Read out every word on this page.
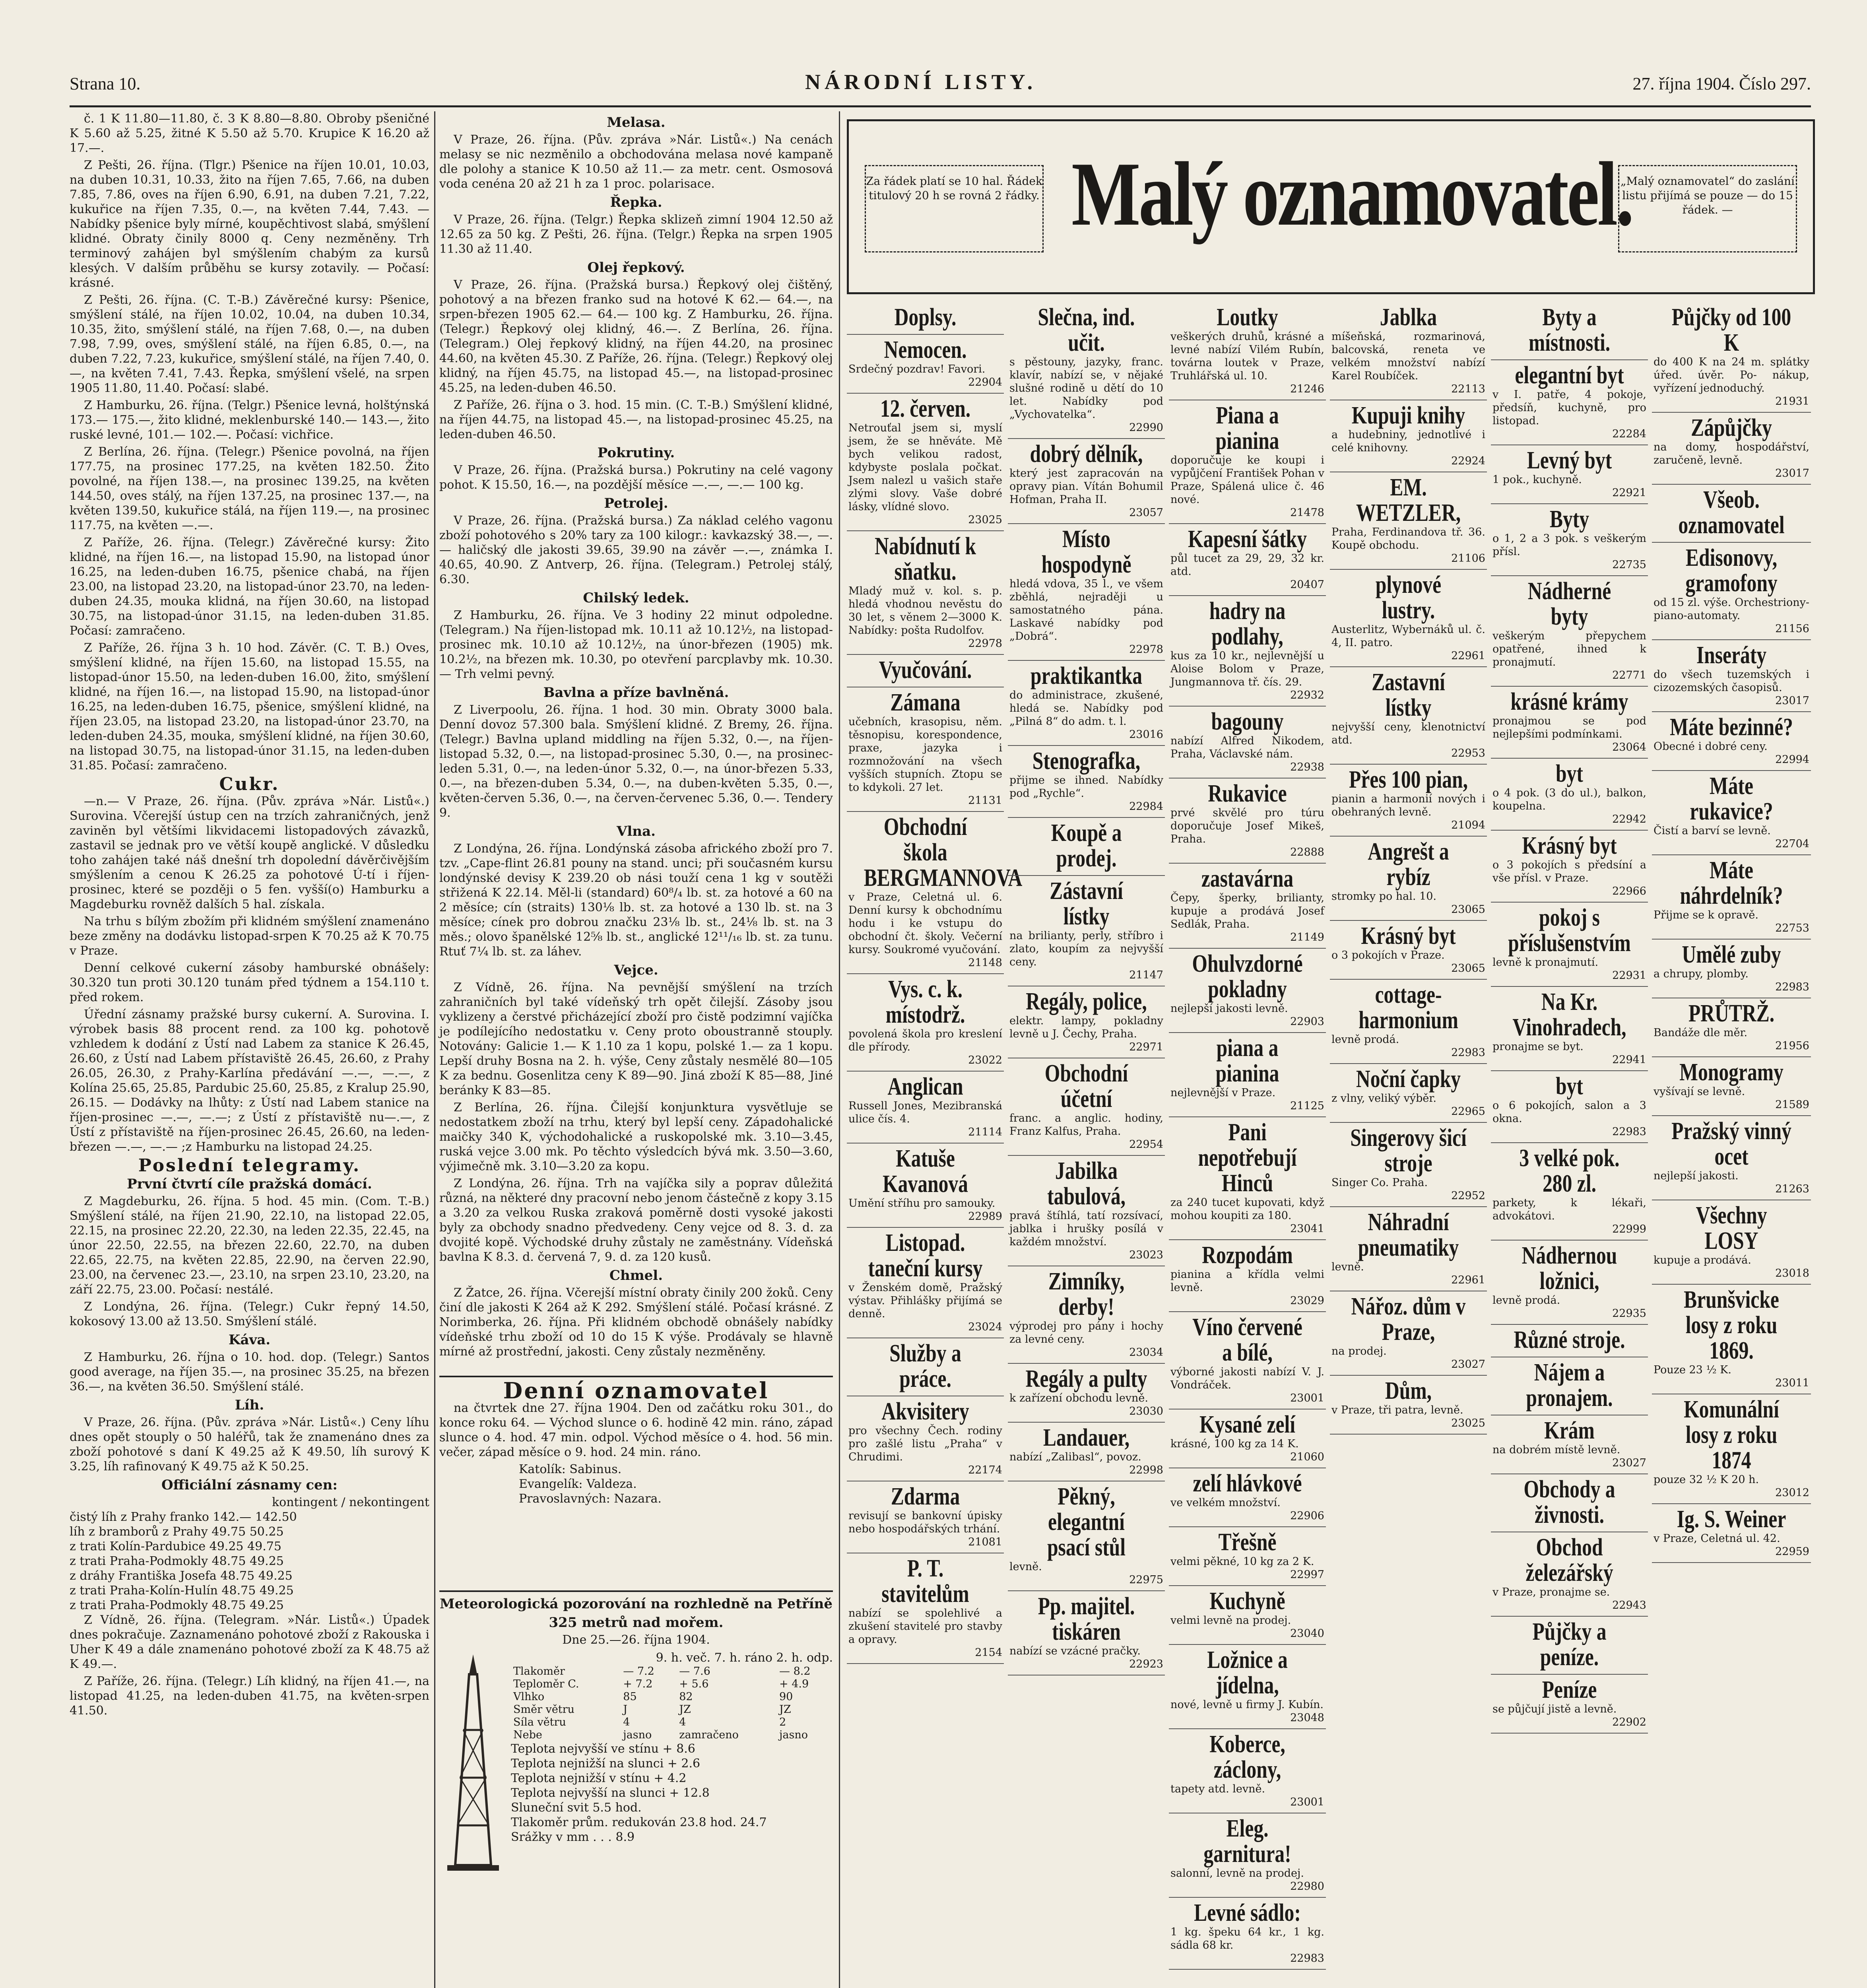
Strana 10.	NÁRODNÍ LISTY.	27. října 1904. Číslo 297.

č. 1 K 11.80—11.80, č. 3 K 8.80—8.80. Obroby pšeničné K 5.60 až 5.25, žitné K 5.50 až 5.70. Krupice K 16.20 až 17.—.

Z Pešti, 26. října. (Tlgr.) Pšenice na říjen 10.01, 10.03, na duben 10.31, 10.33, žito na říjen 7.65, 7.66, na duben 7.85, 7.86, oves na říjen 6.90, 6.91, na duben 7.21, 7.22, kukuřice na říjen 7.35, 0.—, na květen 7.44, 7.43. — Nabídky pšenice byly mírné, koupěchtivost slabá, smýšlení klidné. Obraty činily 8000 q. Ceny nezměněny. Trh terminový zahájen byl smýšlením chabým za kursů klesých. V dalším průběhu se kursy zotavily. — Počasí: krásné.

Z Pešti, 26. října. (C. T.-B.) Závěrečné kursy: Pšenice, smýšlení stálé, na říjen 10.02, 10.04, na duben 10.34, 10.35, žito, smýšlení stálé, na říjen 7.68, 0.—, na duben 7.98, 7.99, oves, smýšlení stálé, na říjen 6.85, 0.—, na duben 7.22, 7.23, kukuřice, smýšlení stálé, na říjen 7.40, 0.—, na květen 7.41, 7.43. Řepka, smýšlení všelé, na srpen 1905 11.80, 11.40. Počasí: slabé.

Z Hamburku, 26. října. (Telgr.) Pšenice levná, holštýnská 173.— 175.—, žito klidné, meklenburské 140.— 143.—, žito ruské levné, 101.— 102.—. Počasí: vichřice.

Z Berlína, 26. října. (Telegr.) Pšenice povolná, na říjen 177.75, na prosinec 177.25, na květen 182.50. Žito povolné, na říjen 138.—, na prosinec 139.25, na květen 144.50, oves stálý, na říjen 137.25, na prosinec 137.—, na květen 139.50, kukuřice stálá, na říjen 119.—, na prosinec 117.75, na květen —.—.

Z Paříže, 26. října. (Telegr.) Závěrečné kursy: Žito klidné, na říjen 16.—, na listopad 15.90, na listopad únor 16.25, na leden-duben 16.75, pšenice chabá, na říjen 23.00, na listopad 23.20, na listopad-únor 23.70, na leden-duben 24.35, mouka klidná, na říjen 30.60, na listopad 30.75, na listopad-únor 31.15, na leden-duben 31.85. Počasí: zamračeno.

Z Paříže, 26. října 3 h. 10 hod. Závěr. (C. T. B.) Oves, smýšlení klidné, na říjen 15.60, na listopad 15.55, na listopad-únor 15.50, na leden-duben 16.00, žito, smýšlení klidné, na říjen 16.—, na listopad 15.90, na listopad-únor 16.25, na leden-duben 16.75, pšenice, smýšlení klidné, na říjen 23.05, na listopad 23.20, na listopad-únor 23.70, na leden-duben 24.35, mouka, smýšlení klidné, na říjen 30.60, na listopad 30.75, na listopad-únor 31.15, na leden-duben 31.85. Počasí: zamračeno.

Cukr.

—n.— V Praze, 26. října. (Pův. zpráva »Nár. Listů«.) Surovina. Včerejší ústup cen na trzích zahraničných, jenž zaviněn byl většími likvidacemi listopadových závazků, zastavil se jednak pro ve větší koupě anglické. V důsledku toho zahájen také náš dnešní trh dopolední dávěrčivějším smýšlením a cenou K 26.25 za pohotové Ú-tí i říjen-prosinec, které se později o 5 fen. vyšší(o) Hamburku a Magdeburku rovněž dalších 5 hal. získala.

Na trhu s bílým zbožím při klidném smýšlení znamenáno beze změny na dodávku listopad-srpen K 70.25 až K 70.75 v Praze.

Denní celkové cukerní zásoby hamburské obnášely: 30.320 tun proti 30.120 tunám před týdnem a 154.110 t. před rokem.

Úřední zásnamy pražské bursy cukerní. A. Surovina. I. výrobek basis 88 procent rend. za 100 kg. pohotově vzhledem k dodání z Ústí nad Labem za stanice K 26.45, 26.60, z Ústí nad Labem přístaviště 26.45, 26.60, z Prahy 26.05, 26.30, z Prahy-Karlína předávání —.—, —.—, z Kolína 25.65, 25.85, Pardubic 25.60, 25.85, z Kralup 25.90, 26.15. — Dodávky na lhůty: z Ústí nad Labem stanice na říjen-prosinec —.—, —.—; z Ústí z přístaviště nu—.—, z Ústí z přístaviště na říjen-prosinec 26.45, 26.60, na leden-březen —.—, —.— ;z Hamburku na listopad 24.25.

Poslední telegramy.
První čtvrtí cíle pražská domácí.

Z Magdeburku, 26. října. 5 hod. 45 min. (Com. T.-B.) Smýšlení stálé, na říjen 21.90, 22.10, na listopad 22.05, 22.15, na prosinec 22.20, 22.30, na leden 22.35, 22.45, na únor 22.50, 22.55, na březen 22.60, 22.70, na duben 22.65, 22.75, na květen 22.85, 22.90, na červen 22.90, 23.00, na červenec 23.—, 23.10, na srpen 23.10, 23.20, na září 22.75, 23.00. Počasí: nestálé.

Z Londýna, 26. října. (Telegr.) Cukr řepný 14.50, kokosový 13.00 až 13.50. Smýšlení stálé.

Káva.

Z Hamburku, 26. října o 10. hod. dop. (Telegr.) Santos good average, na říjen 35.—, na prosinec 35.25, na březen 36.—, na květen 36.50. Smýšlení stálé.

Líh.

V Praze, 26. října. (Pův. zpráva »Nár. Listů«.) Ceny líhu dnes opět stouply o 50 haléřů, tak že znamenáno dnes za zboží pohotové s daní K 49.25 až K 49.50, líh surový K 3.25, líh rafinovaný K 49.75 až K 50.25.

Officiální zásnamy cen:
kontingent / nekontingent
čistý líh z Prahy franko 142.— 142.50
líh z bramborů z Prahy 49.75 50.25
z trati Kolín-Pardubice 49.25 49.75
z trati Praha-Podmokly 48.75 49.25
z dráhy Františka Josefa 48.75 49.25
z trati Praha-Kolín-Hulín 48.75 49.25
z trati Praha-Podmokly 48.75 49.25

Z Vídně, 26. října. (Telegram. »Nár. Listů«.) Úpadek dnes pokračuje. Zaznamenáno pohotové zboží z Rakouska i Uher K 49 a dále znamenáno pohotové zboží za K 48.75 až K 49.—.

Z Paříže, 26. října. (Telegr.) Líh klidný, na říjen 41.—, na listopad 41.25, na leden-duben 41.75, na květen-srpen 41.50.

Melasa.

V Praze, 26. října. (Pův. zpráva »Nár. Listů«.) Na cenách melasy se nic nezměnilo a obchodována melasa nové kampaně dle polohy a stanice K 10.50 až 11.— za metr. cent. Osmosová voda cenéna 20 až 21 h za 1 proc. polarisace.

Řepka.

V Praze, 26. října. (Telgr.) Řepka sklizeň zimní 1904 12.50 až 12.65 za 50 kg. Z Pešti, 26. října. (Telgr.) Řepka na srpen 1905 11.30 až 11.40.

Olej řepkový.

V Praze, 26. října. (Pražská bursa.) Řepkový olej čištěný, pohotový a na březen franko sud na hotové K 62.— 64.—, na srpen-březen 1905 62.— 64.— 100 kg. Z Hamburku, 26. října. (Telegr.) Řepkový olej klidný, 46.—. Z Berlína, 26. října. (Telegram.) Olej řepkový klidný, na říjen 44.20, na prosinec 44.60, na květen 45.30. Z Paříže, 26. října. (Telegr.) Řepkový olej klidný, na říjen 45.75, na listopad 45.—, na listopad-prosinec 45.25, na leden-duben 46.50.

Z Paříže, 26. října o 3. hod. 15 min. (C. T.-B.) Smýšlení klidné, na říjen 44.75, na listopad 45.—, na listopad-prosinec 45.25, na leden-duben 46.50.

Pokrutiny.

V Praze, 26. října. (Pražská bursa.) Pokrutiny na celé vagony pohot. K 15.50, 16.—, na pozdější měsíce —.—, —.— 100 kg.

Petrolej.

V Praze, 26. října. (Pražská bursa.) Za náklad celého vagonu zboží pohotového s 20% tary za 100 kilogr.: kavkazský 38.—, —.— haličský dle jakosti 39.65, 39.90 na závěr —.—, známka I. 40.65, 40.90. Z Antverp, 26. října. (Telegram.) Petrolej stálý, 6.30.

Chilský ledek.

Z Hamburku, 26. října. Ve 3 hodiny 22 minut odpoledne. (Telegram.) Na říjen-listopad mk. 10.11 až 10.12½, na listopad-prosinec mk. 10.10 až 10.12½, na únor-březen (1905) mk. 10.2½, na březen mk. 10.30, po otevření parcplavby mk. 10.30. — Trh velmi pevný.

Bavlna a přízе bavlněná.

Z Liverpoolu, 26. října. 1 hod. 30 min. Obraty 3000 bala. Denní dovoz 57.300 bala. Smýšlení klidné. Z Bremy, 26. října. (Telegr.) Bavlna upland middling na říjen 5.32, 0.—, na říjen-listopad 5.32, 0.—, na listopad-prosinec 5.30, 0.—, na prosinec-leden 5.31, 0.—, na leden-únor 5.32, 0.—, na únor-březen 5.33, 0.—, na březen-duben 5.34, 0.—, na duben-květen 5.35, 0.—, květen-červen 5.36, 0.—, na červen-červenec 5.36, 0.—. Tendery 9.

Vlna.

Z Londýna, 26. října. Londýnská zásoba afrického zboží pro 7. tzv. „Cape-flint 26.81 pouny na stand. unci; při současném kursu londýnské devisy K 239.20 ob nási touží cena 1 kg v soutěži střižená K 22.14. Měl-li (standard) 60⁸/₄ lb. st. za hotové a 60 na 2 měsíce; cín (straits) 130⅛ lb. st. za hotové a 130 lb. st. na 3 měsíce; cínek pro dobrou značku 23⅛ lb. st., 24⅛ lb. st. na 3 měs.; olovo španělské 12⅝ lb. st., anglické 12¹¹/₁₆ lb. st. za tunu. Rtuť 7¼ lb. st. za láhev.

Vejce.

Z Vídně, 26. října. Na pevnější smýšlení na trzích zahraničních byl také vídeňský trh opět čilejší. Zásoby jsou vyklizeny a čerstvé přicházející zboží pro čistě podzimní vajíčka je podílejícího nedostatku v. Ceny proto oboustranně stouply. Notovány: Galicie 1.— K 1.10 za 1 kopu, polské 1.— za 1 kopu. Lepší druhy Bosna na 2. h. výše, Ceny zůstaly nesmělé 80—105 K za bednu. Gosenlitza ceny K 89—90. Jiná zboží K 85—88, Jiné beránky K 83—85.

Z Berlína, 26. října. Čilejší konjunktura vysvětluje se nedostatkem zboží na trhu, který byl lepší ceny. Západohalické maičky 340 K, východohalické a ruskopolské mk. 3.10—3.45, ruská vejce 3.00 mk. Po těchto výsledcích bývá mk. 3.50—3.60, výjimečně mk. 3.10—3.20 za kopu.

Z Londýna, 26. října. Trh na vajíčka sily a poprav důležitá různá, na některé dny pracovní nebo jenom částečně z kopy 3.15 a 3.20 za velkou Ruska zraková poměrně dosti vysoké jakosti byly za obchody snadno předvedeny. Ceny vejce od 8. 3. d. za dvojité kopě. Východské druhy zůstaly ne zaměstnány. Vídeňská bavlna K 8.3. d. červená 7, 9. d. za 120 kusů.

Chmel.

Z Žatce, 26. října. Včerejší místní obraty činily 200 žoků. Ceny činí dle jakosti K 264 až K 292. Smýšlení stálé. Počasí krásné. Z Norimberka, 26. října. Při klidném obchodě obnášely nabídky vídeňské trhu zboží od 10 do 15 K výše. Prodávaly se hlavně mírné až prostřední, jakosti. Ceny zůstaly nezměněny.

Denní oznamovatel

na čtvrtek dne 27. října 1904. Den od začátku roku 301., do konce roku 64. — Východ slunce o 6. hodině 42 min. ráno, západ slunce o 4. hod. 47 min. odpol. Východ měsíce o 4. hod. 56 min. večer, západ měsíce o 9. hod. 24 min. ráno.

Katolík: Sabinus.
Evangelík: Valdeza.
Pravoslavných: Nazara.
Meteorologická pozorování na rozhledně na Petříně
325 metrů nad mořem.
Dne 25.—26. října 1904.
9. h. več. 7. h. ráno 2. h. odp.
Tlakoměr	— 7.2	— 7.6	— 8.2
Teploměr C.	+ 7.2	+ 5.6	+ 4.9
Vlhko	85	82	90
Směr větru	J	JZ	JZ
Síla větru	4	4	2
Nebe	jasno	zamračeno	jasno
Teplota nejvyšší ve stínu + 8.6
Teplota nejnižší na slunci + 2.6
Teplota nejnižší v stínu + 4.2
Teplota nejvyšší na slunci + 12.8
Sluneční svit 5.5 hod.
Tlakoměr prům. redukován 23.8 hod. 24.7
Srážky v mm . . . 8.9
Za řádek platí se 10 hal. Řádek titulový 20 h se rovná 2 řádky. Malý oznamovatel.
„Malý oznamovatel“ do zaslání listu přijímá se pouze — do 15 řádek. —
Doplsy.
Nemocen.
Srdečný pozdrav! Favori.
22904
12. červen.
Netrouťal jsem si, myslí jsem, že se hněváte. Mě bych velikou radost, kdybyste poslala počkat. Jsem nalezl u vašich staře zlými slovy. Vaše dobré lásky, vlídné slovo.
23025
Nabídnutí k sňatku.
Mladý muž v. kol. s. p. hledá vhodnou nevěstu do 30 let, s věnem 2—3000 K. Nabídky: pošta Rudolfov.
22978
Vyučování.
Zámana
učebních, krasopisu, něm. těsnopisu, korespondence, praxe, jazyka i rozmnožování na všech vyšších stupních. Ztopu se to kdykoli. 27 let.
21131
Obchodní škola BERGMANNOVA
v Praze, Celetná ul. 6. Denní kursy k obchodnímu hodu i ke vstupu do obchodní čt. školy. Večerní kursy. Soukromé vyučování.
21148
Vys. c. k. místodrž.
povolená škola pro kreslení dle přírody.
23022
Anglican
Russell Jones, Mezibranská ulice čís. 4.
21114
Katuše Kavanová
Umění stříhu pro samouky.
22989
Listopad. taneční kursy
v Ženském domě, Pražský výstav. Přihlášky přijímá se denně.
23024
Služby a práce.
Akvisitery
pro všechny Čech. rodiny pro zašlé listu „Praha“ v Chrudimi.
22174
Zdarma
revisují se bankovní úpisky nebo hospodářských trhání.
21081
P. T. stavitelům
nabízí se spolehlivé a zkušení stavitelé pro stavby a opravy.
2154
Slečna, ind. učit.
s pěstouny, jazyky, franc. klavír, nabízí se, v nějaké slušné rodině u dětí do 10 let. Nabídky pod „Vychovatelka“.
22990
dobrý dělník,
který jest zapracován na opravy pian. Vítán Bohumil Hofman, Praha II.
23057
Místo hospodyně
hledá vdova, 35 l., ve všem zběhlá, nejraději u samostatného pána. Laskavé nabídky pod „Dobrá“.
22978
praktikantka
do administrace, zkušené, hledá se. Nabídky pod „Pilná 8“ do adm. t. l.
23016
Stenografka,
přijme se ihned. Nabídky pod „Rychle“.
22984
Koupě a prodej.
Zástavní lístky
na brilianty, perly, stříbro i zlato, koupím za nejvyšší ceny.
21147
Regály, police,
elektr. lampy, pokladny levně u J. Čechy, Praha.
22971
Obchodní účetní
franc. a anglic. hodiny, Franz Kalfus, Praha.
22954
Jabilka tabulová,
pravá štíhlá, tatí rozsívací, jablka i hrušky posílá v každém množství.
23023
Zimníky, derby!
výprodej pro pány i hochy za levné ceny.
23034
Regály a pulty
k zařízení obchodu levně.
23030
Landauer,
nabízí „Zalibasl“, povoz.
22998
Pěkný, elegantní psací stůl
levně.
22975
Pp. majitel. tiskáren
nabízí se vzácné pračky.
22923
Loutky
veškerých druhů, krásné a levné nabízí Vilém Rubín, továrna loutek v Praze, Truhlářská ul. 10.
21246
Piana a pianina
doporučuje ke koupi i vypůjčení František Pohan v Praze, Spálená ulice č. 46 nové.
21478
Kapesní šátky
půl tucet za 29, 29, 32 kr. atd.
20407
hadry na podlahy,
kus za 10 kr., nejlevnější u Aloise Bolom v Praze, Jungmannova tř. čís. 29.
22932
bagouny
nabízí Alfred Nikodem, Praha, Václavské nám.
22938
Rukavice
prvé skvělé pro túru doporučuje Josef Mikeš, Praha.
22888
zastavárna
Čepy, šperky, brilianty, kupuje a prodává Josef Sedlák, Praha.
21149
Ohulvzdorné pokladny
nejlepší jakosti levně.
22903
piana a pianina
nejlevnější v Praze.
21125
Pani nepotřebují Hinců
za 240 tucet kupovati, když mohou koupiti za 180.
23041
Rozpodám
pianina a křídla velmi levně.
23029
Víno červené a bílé,
výborné jakosti nabízí V. J. Vondráček.
23001
Kysané zelí
krásné, 100 kg za 14 K.
21060
zelí hlávkové
ve velkém množství.
22906
Třešně
velmi pěkné, 10 kg za 2 K.
22997
Kuchyně
velmi levně na prodej.
23040
Ložnice a jídelna,
nové, levně u firmy J. Kubín.
23048
Koberce, záclony,
tapety atd. levně.
23001
Eleg. garnitura!
salonní, levně na prodej.
22980
Levné sádlo:
1 kg. špeku 64 kr., 1 kg. sádla 68 kr.
22983
Jablka
míšeňská, rozmarinová, balcovská, reneta ve velkém množství nabízí Karel Roubíček.
22113
Kupuji knihy
a hudebniny, jednotlivé i celé knihovny.
22924
EM. WETZLER,
Praha, Ferdinandova tř. 36. Koupě obchodu.
21106
plynové lustry.
Austerlitz, Wybernáků ul. č. 4, II. patro.
22961
Zastavní lístky
nejvyšší ceny, klenotnictví atd.
22953
Přes 100 pian,
pianin a harmonií nových i obehraných levně.
21094
Angrešt a rybíz
stromky po hal. 10.
23065
Krásný byt
o 3 pokojích v Praze.
23065
cottage-harmonium
levně prodá.
22983
Noční čapky
z vlny, veliký výběr.
22965
Singerovy šicí stroje
Singer Co. Praha.
22952
Náhradní pneumatiky
levně.
22961
Nářoz. dům v Praze,
na prodej.
23027
Dům,
v Praze, tři patra, levně.
23025
Byty a místnosti.
elegantní byt
v I. patře, 4 pokoje, předsíň, kuchyně, pro listopad.
22284
Levný byt
1 pok., kuchyně.
22921
Byty
o 1, 2 a 3 pok. s veškerým přísl.
22735
Nádherné byty
veškerým přepychem opatřené, ihned k pronajmutí.
22771
krásné krámy
pronajmou se pod nejlepšími podmínkami.
23064
byt
o 4 pok. (3 do ul.), balkon, koupelna.
22942
Krásný byt
o 3 pokojích s předsíní a vše přísl. v Praze.
22966
pokoj s příslušenstvím
levně k pronajmutí.
22931
Na Kr. Vinohradech,
pronajme se byt.
22941
byt
o 6 pokojích, salon a 3 okna.
22983
3 velké pok. 280 zl.
parkety, k lékaři, advokátovi.
22999
Nádhernou ložnici,
levně prodá.
22935
Různé stroje.
Nájem a pronajem.
Krám
na dobrém místě levně.
23027
Obchody a živnosti.
Obchod železářský
v Praze, pronajme se.
22943
Půjčky a peníze.
Peníze
se půjčují jistě a levně.
22902
Půjčky od 100 K
do 400 K na 24 m. splátky úřed. úvěr. Po- nákup, vyřízení jednoduchý.
21931
Zápůjčky
na domy, hospodářství, zaručeně, levně.
23017
Všeob. oznamovatel
Edisonovy, gramofony
od 15 zl. výše. Orchestriony-piano-automaty.
21156
Inseráty
do všech tuzemských i cizozemských časopisů.
23017
Máte bezinné?
Obecné i dobré ceny.
22994
Máte rukavice?
Čistí a barví se levně.
22704
Máte náhrdelník?
Přijme se k opravě.
22753
Umělé zuby
a chrupy, plomby.
22983
PRŮTRŽ.
Bandáže dle měr.
21956
Monogramy
vyšívají se levně.
21589
Pražský vinný ocet
nejlepší jakosti.
21263
Všechny LOSY
kupuje a prodává.
23018
Brunšvicke losy z roku 1869.
Pouze 23 ½ K.
23011
Komunální losy z roku 1874
pouze 32 ½ K 20 h.
23012
Ig. S. Weiner
v Praze, Celetná ul. 42.
22959
